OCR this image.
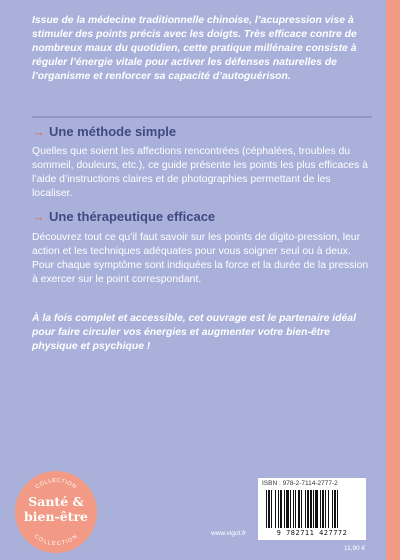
Issue de la médecine traditionnelle chinoise, l’acupression vise à stimuler des points précis avec les doigts. Très efficace contre de nombreux maux du quotidien, cette pratique millénaire consiste à réguler l’énergie vitale pour activer les défenses naturelles de l’organisme et renforcer sa capacité d’autoguérison.

→ Une méthode simple

Quelles que soient les affections rencontrées (céphalées, troubles du sommeil, douleurs, etc.), ce guide présente les points les plus efficaces à l’aide d’instructions claires et de photographies permettant de les localiser.

→ Une thérapeutique efficace

Découvrez tout ce qu’il faut savoir sur les points de digito-pression, leur action et les techniques adéquates pour vous soigner seul ou à deux. Pour chaque symptôme sont indiquées la force et la durée de la pression à exercer sur le point correspondant.

À la fois complet et accessible, cet ouvrage est le partenaire idéal pour faire circuler vos énergies et augmenter votre bien-être physique et psychique !

COLLECTION
COLLECTION
Santé &
bien-être
www.vigot.fr
ISBN : 978-2-7114-2777-2
9 782711 427772
11,90 €
